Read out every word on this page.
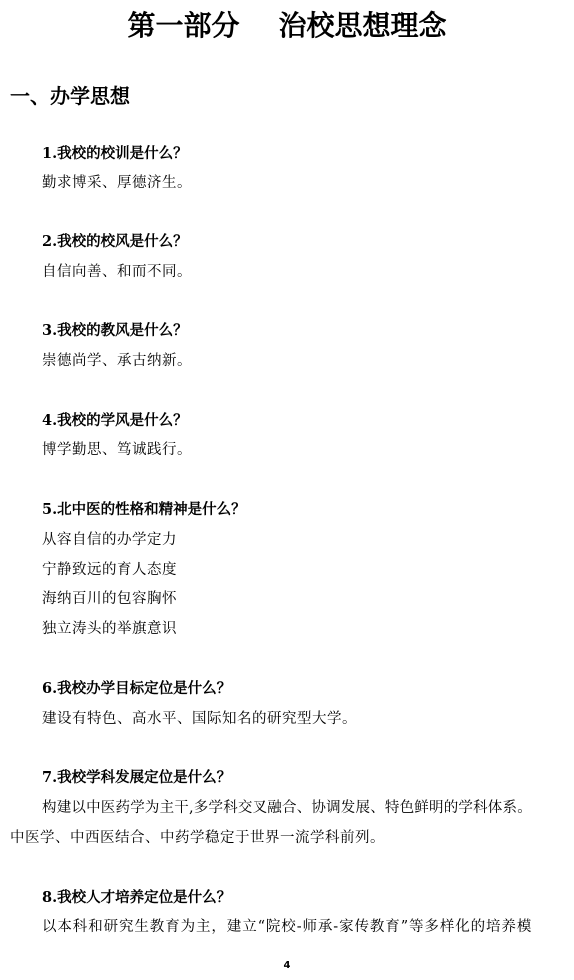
第一部分    治校思想理念
一、办学思想
1.我校的校训是什么？
勤求博采、厚德济生。
2.我校的校风是什么？
自信向善、和而不同。
3.我校的教风是什么？
崇德尚学、承古纳新。
4.我校的学风是什么？
博学勤思、笃诚践行。
5.北中医的性格和精神是什么？
从容自信的办学定力
宁静致远的育人态度
海纳百川的包容胸怀
独立涛头的举旗意识
6.我校办学目标定位是什么？
建设有特色、高水平、国际知名的研究型大学。
7.我校学科发展定位是什么？
构建以中医药学为主干,多学科交叉融合、协调发展、特色鲜明的学科体系。
中医学、中西医结合、中药学稳定于世界一流学科前列。
8.我校人才培养定位是什么？
以本科和研究生教育为主，建立“院校-师承-家传教育”等多样化的培养模
4
